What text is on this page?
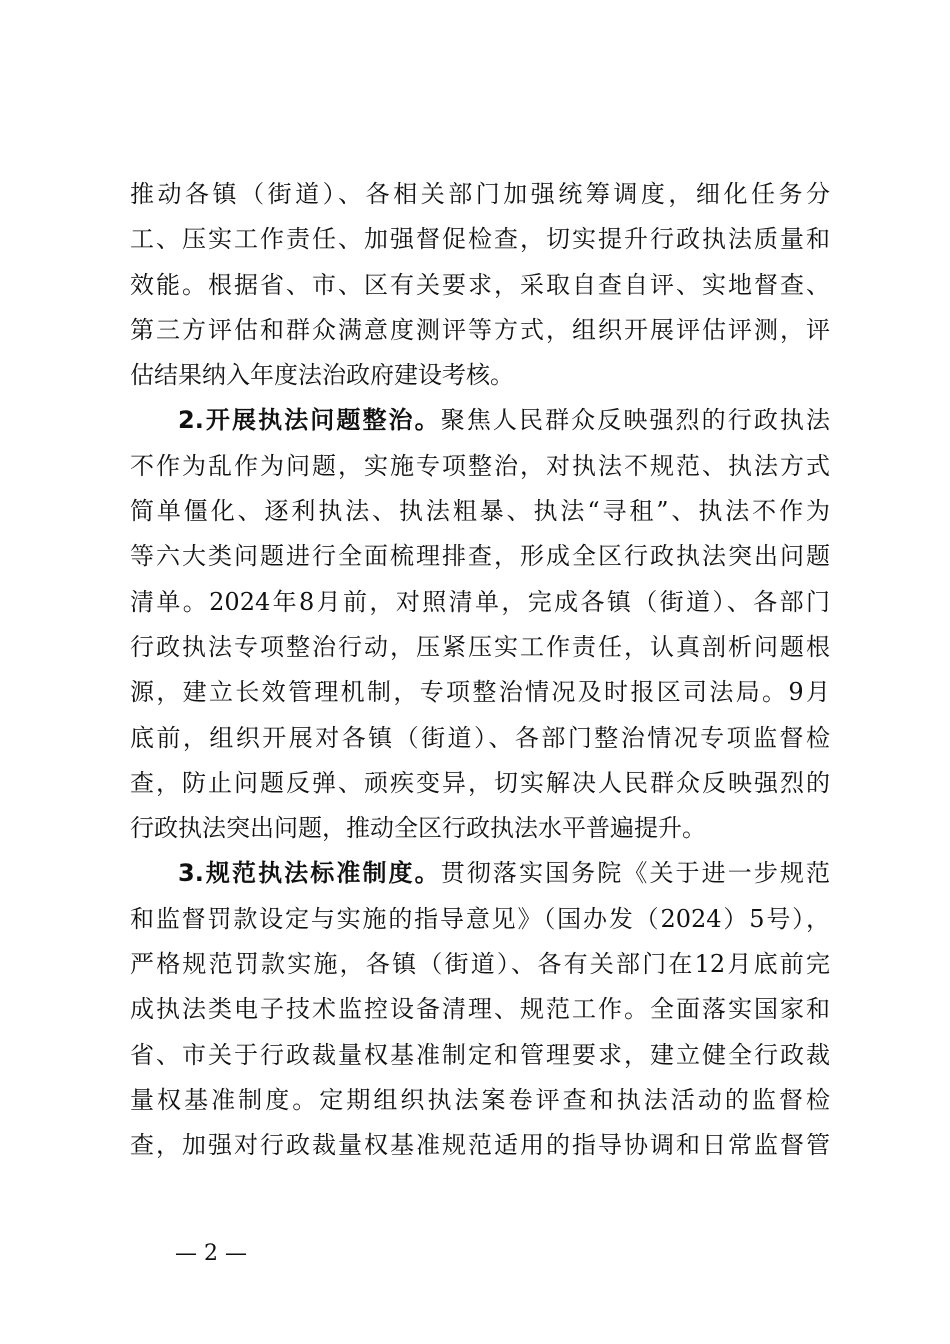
推动各镇（街道）、各相关部门加强统筹调度，细化任务分
工、压实工作责任、加强督促检查，切实提升行政执法质量和
效能。根据省、市、区有关要求，采取自查自评、实地督查、
第三方评估和群众满意度测评等方式，组织开展评估评测，评
估结果纳入年度法治政府建设考核。
2.开展执法问题整治。聚焦人民群众反映强烈的行政执法
不作为乱作为问题，实施专项整治，对执法不规范、执法方式
简单僵化、逐利执法、执法粗暴、执法“寻租”、执法不作为
等六大类问题进行全面梳理排查，形成全区行政执法突出问题
清单。2024年8月前，对照清单，完成各镇（街道）、各部门
行政执法专项整治行动，压紧压实工作责任，认真剖析问题根
源，建立长效管理机制，专项整治情况及时报区司法局。9月
底前，组织开展对各镇（街道）、各部门整治情况专项监督检
查，防止问题反弹、顽疾变异，切实解决人民群众反映强烈的
行政执法突出问题，推动全区行政执法水平普遍提升。
3.规范执法标准制度。贯彻落实国务院《关于进一步规范
和监督罚款设定与实施的指导意见》（国办发（2024）5号），
严格规范罚款实施，各镇（街道）、各有关部门在12月底前完
成执法类电子技术监控设备清理、规范工作。全面落实国家和
省、市关于行政裁量权基准制定和管理要求，建立健全行政裁
量权基准制度。定期组织执法案卷评查和执法活动的监督检
查，加强对行政裁量权基准规范适用的指导协调和日常监督管
— 2 —
